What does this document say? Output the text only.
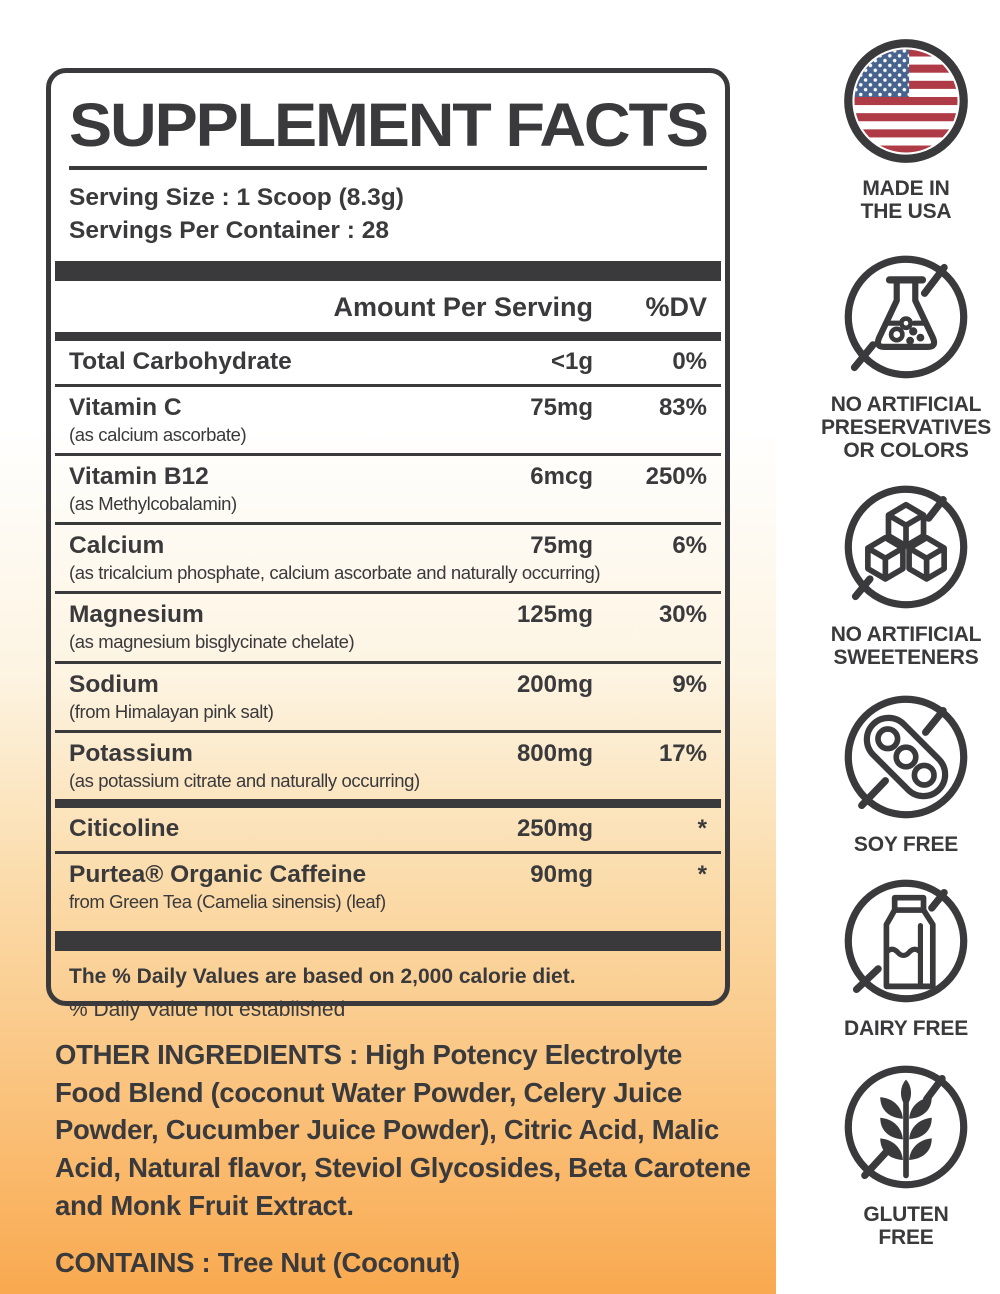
SUPPLEMENT FACTS
Serving Size : 1 Scoop (8.3g)
Servings Per Container : 28
Amount Per Serving	%DV
Total Carbohydrate	<1g	0%
Vitamin C	75mg	83%
(as calcium ascorbate)
Vitamin B12	6mcg	250%
(as Methylcobalamin)
Calcium	75mg	6%
(as tricalcium phosphate, calcium ascorbate and naturally occurring)
Magnesium	125mg	30%
(as magnesium bisglycinate chelate)
Sodium	200mg	9%
(from Himalayan pink salt)
Potassium	800mg	17%
(as potassium citrate and naturally occurring)
Citicoline	250mg	*
Purtea® Organic Caffeine	90mg	*
from Green Tea (Camelia sinensis) (leaf)
The % Daily Values are based on 2,000 calorie diet.
% Daily Value not established

OTHER INGREDIENTS : High Potency Electrolyte Food Blend (coconut Water Powder, Celery Juice Powder, Cucumber Juice Powder), Citric Acid, Malic Acid, Natural flavor, Steviol Glycosides, Beta Carotene and Monk Fruit Extract.

CONTAINS : Tree Nut (Coconut)

MADE IN
THE USA
NO ARTIFICIAL
PRESERVATIVES
OR COLORS
NO ARTIFICIAL
SWEETENERS
SOY FREE
DAIRY FREE
GLUTEN
FREE
